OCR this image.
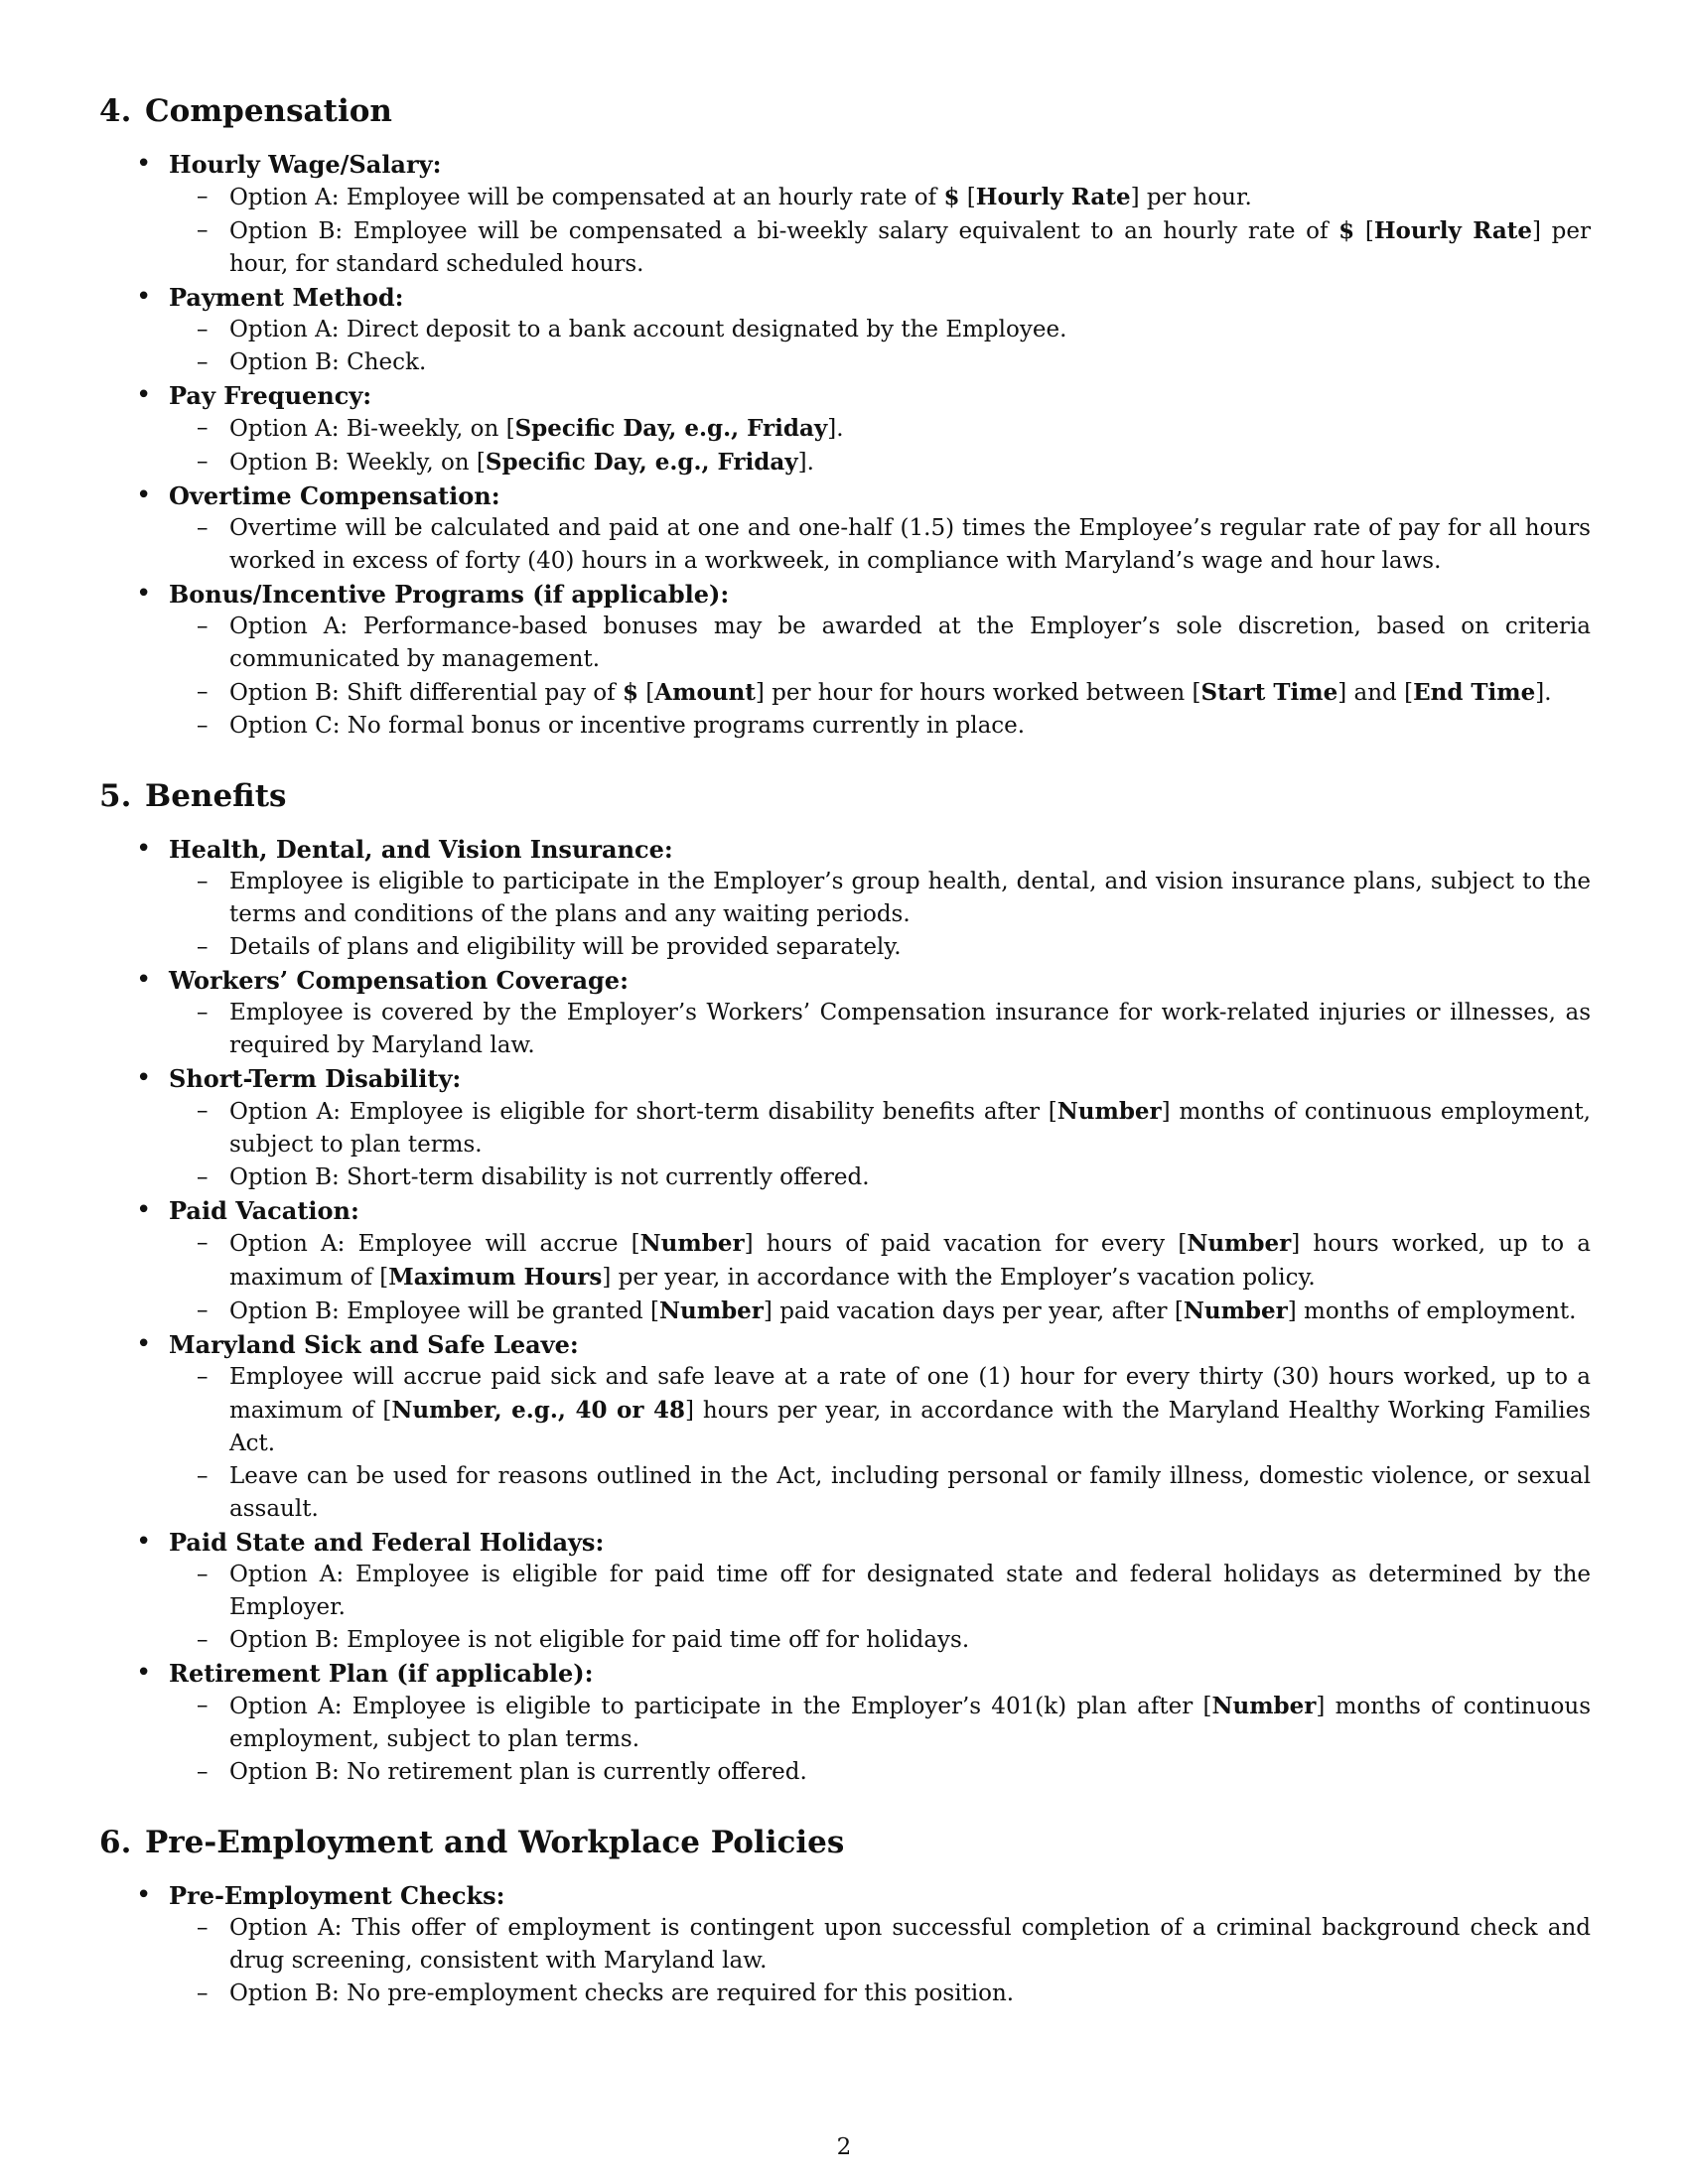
4. Compensation
• Hourly Wage/Salary:
– Option A: Employee will be compensated at an hourly rate of $ [Hourly Rate] per hour.
– Option B: Employee will be compensated a bi-weekly salary equivalent to an hourly rate of $ [Hourly Rate] per hour, for standard scheduled hours.
• Payment Method:
– Option A: Direct deposit to a bank account designated by the Employee.
– Option B: Check.
• Pay Frequency:
– Option A: Bi-weekly, on [Specific Day, e.g., Friday].
– Option B: Weekly, on [Specific Day, e.g., Friday].
• Overtime Compensation:
– Overtime will be calculated and paid at one and one-half (1.5) times the Employee’s regular rate of pay for all hours worked in excess of forty (40) hours in a workweek, in compliance with Maryland’s wage and hour laws.
• Bonus/Incentive Programs (if applicable):
– Option A: Performance-based bonuses may be awarded at the Employer’s sole discretion, based on criteria communicated by management.
– Option B: Shift differential pay of $ [Amount] per hour for hours worked between [Start Time] and [End Time].
– Option C: No formal bonus or incentive programs currently in place.
5. Benefits
• Health, Dental, and Vision Insurance:
– Employee is eligible to participate in the Employer’s group health, dental, and vision insurance plans, subject to the terms and conditions of the plans and any waiting periods.
– Details of plans and eligibility will be provided separately.
• Workers’ Compensation Coverage:
– Employee is covered by the Employer’s Workers’ Compensation insurance for work-related injuries or illnesses, as required by Maryland law.
• Short-Term Disability:
– Option A: Employee is eligible for short-term disability benefits after [Number] months of continuous employment, subject to plan terms.
– Option B: Short-term disability is not currently offered.
• Paid Vacation:
– Option A: Employee will accrue [Number] hours of paid vacation for every [Number] hours worked, up to a maximum of [Maximum Hours] per year, in accordance with the Employer’s vacation policy.
– Option B: Employee will be granted [Number] paid vacation days per year, after [Number] months of employment.
• Maryland Sick and Safe Leave:
– Employee will accrue paid sick and safe leave at a rate of one (1) hour for every thirty (30) hours worked, up to a maximum of [Number, e.g., 40 or 48] hours per year, in accordance with the Maryland Healthy Working Families Act.
– Leave can be used for reasons outlined in the Act, including personal or family illness, domestic violence, or sexual assault.
• Paid State and Federal Holidays:
– Option A: Employee is eligible for paid time off for designated state and federal holidays as determined by the Employer.
– Option B: Employee is not eligible for paid time off for holidays.
• Retirement Plan (if applicable):
– Option A: Employee is eligible to participate in the Employer’s 401(k) plan after [Number] months of continuous employment, subject to plan terms.
– Option B: No retirement plan is currently offered.
6. Pre-Employment and Workplace Policies
• Pre-Employment Checks:
– Option A: This offer of employment is contingent upon successful completion of a criminal background check and drug screening, consistent with Maryland law.
– Option B: No pre-employment checks are required for this position.
2
